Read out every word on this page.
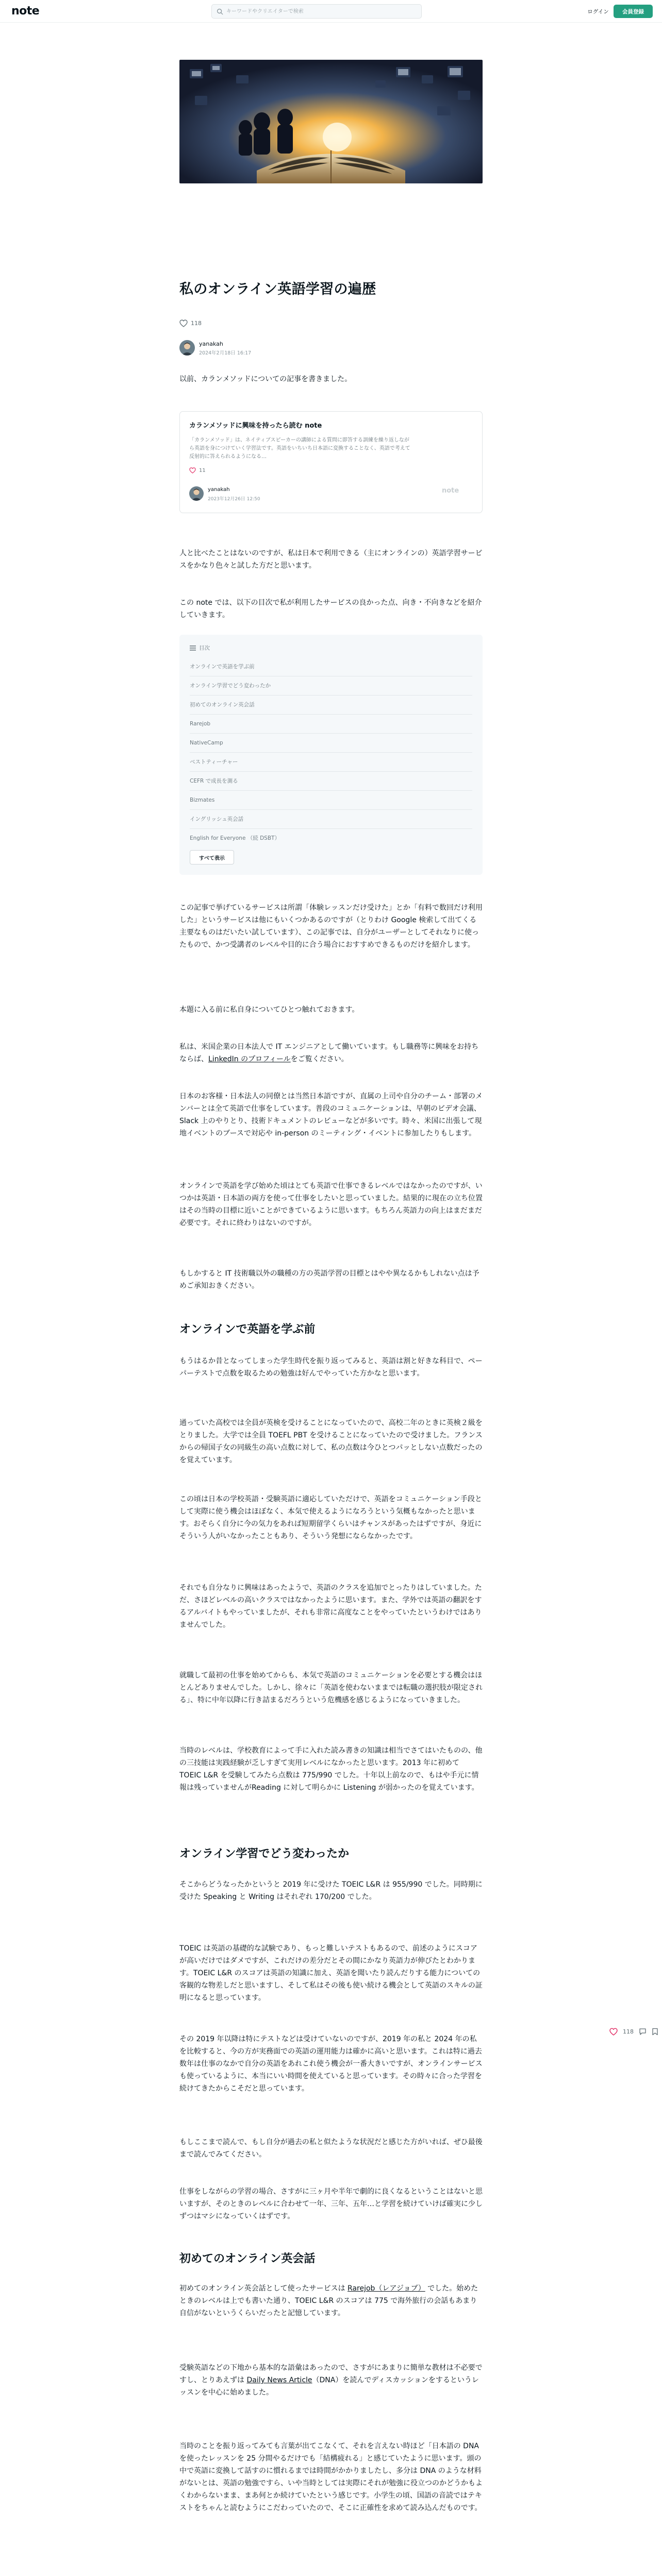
note
キーワードやクリエイターで検索	ログイン	会員登録
私のオンライン英語学習の遍歴
118
yanakah
2024年2月18日 16:17

以前、カランメソッドについての記事を書きました。

カランメソッドに興味を持ったら読む note
「カランメソッド」は、ネイティブスピーカーの講師による質問に即答する訓練を繰り返しながら英語を身につけていく学習法です。英語をいちいち日本語に変換することなく、英語で考えて反射的に答えられるようになる…
11
yanakah
2023年12月26日 12:50
note

人と比べたことはないのですが、私は日本で利用できる（主にオンラインの）英語学習サービスをかなり色々と試した方だと思います。

この note では、以下の目次で私が利用したサービスの良かった点、向き・不向きなどを紹介していきます。

目次
オンラインで英語を学ぶ前
オンライン学習でどう変わったか
初めてのオンライン英会話
Rarejob
NativeCamp
ベストティーチャー
CEFR で成長を測る
Bizmates
イングリッシュ英会話
English for Everyone （続 DSBT）
すべて表示

この記事で挙げているサービスは所謂「体験レッスンだけ受けた」とか「有料で数回だけ利用した」というサービスは他にもいくつかあるのですが（とりわけ Google 検索して出てくる主要なものはだいたい試しています）、この記事では、自分がユーザーとしてそれなりに使ったもので、かつ受講者のレベルや目的に合う場合におすすめできるものだけを紹介します。

本題に入る前に私自身についてひとつ触れておきます。

私は、米国企業の日本法人で IT エンジニアとして働いています。もし職務等に興味をお持ちならば、LinkedIn のプロフィールをご覧ください。

日本のお客様・日本法人の同僚とは当然日本語ですが、直属の上司や自分のチーム・部署のメンバーとは全て英語で仕事をしています。普段のコミュニケーションは、早朝のビデオ会議、Slack 上のやりとり、技術ドキュメントのレビューなどが多いです。時々、米国に出張して現地イベントのブースで対応や in-person のミーティング・イベントに参加したりもします。

オンラインで英語を学び始めた頃はとても英語で仕事できるレベルではなかったのですが、いつかは英語・日本語の両方を使って仕事をしたいと思っていました。結果的に現在の立ち位置はその当時の目標に近いことができているように思います。もちろん英語力の向上はまだまだ必要です。それに終わりはないのですが。

もしかすると IT 技術職以外の職種の方の英語学習の目標とはやや異なるかもしれない点は予めご承知おきください。

オンラインで英語を学ぶ前

もうはるか昔となってしまった学生時代を振り返ってみると、英語は割と好きな科目で、ペーパーテストで点数を取るための勉強は好んでやっていた方かなと思います。

通っていた高校では全員が英検を受けることになっていたので、高校二年のときに英検２級をとりました。大学では全員 TOEFL PBT を受けることになっていたので受けました。フランスからの帰国子女の同級生の高い点数に対して、私の点数は今ひとつパッとしない点数だったのを覚えています。

この頃は日本の学校英語・受験英語に適応していただけで、英語をコミュニケーション手段として実際に使う機会はほぼなく、本気で使えるようになろうという気概もなかったと思います。おそらく自分に今の気力をあれば短期留学くらいはチャンスがあったはずですが、身近にそういう人がいなかったこともあり、そういう発想にならなかったです。

それでも自分なりに興味はあったようで、英語のクラスを追加でとったりはしていました。ただ、さほどレベルの高いクラスではなかったように思います。また、学外では英語の翻訳をするアルバイトもやっていましたが、それも非常に高度なことをやっていたというわけではありませんでした。

就職して最初の仕事を始めてからも、本気で英語のコミュニケーションを必要とする機会はほとんどありませんでした。しかし、徐々に「英語を使わないままでは転職の選択肢が限定される」、特に中年以降に行き詰まるだろうという危機感を感じるようになっていきました。

当時のレベルは、学校教育によって手に入れた読み書きの知識は相当でさてはいたものの、他の三技能は実践経験が乏しすぎて実用レベルになかったと思います。2013 年に初めて TOEIC L&R を受験してみたら点数は 775/990 でした。十年以上前なので、もはや手元に情報は残っていませんがReading に対して明らかに Listening が弱かったのを覚えています。

オンライン学習でどう変わったか

そこからどうなったかというと 2019 年に受けた TOEIC L&R は 955/990 でした。同時期に受けた Speaking と Writing はそれぞれ 170/200 でした。

TOEIC は英語の基礎的な試験であり、もっと難しいテストもあるので、前述のようにスコアが高いだけではダメですが、これだけの差分だとその間にかなり英語力が伸びたとわかります。TOEIC L&R のスコアは英語の知識に加え、英語を聞いたり読んだりする能力についての客観的な物差しだと思いますし、そして私はその後も使い続ける機会として英語のスキルの証明になると思っています。

その 2019 年以降は特にテストなどは受けていないのですが、2019 年の私と 2024 年の私を比較すると、今の方が実務面での英語の運用能力は確かに高いと思います。これは特に過去数年は仕事のなかで自分の英語をあれこれ使う機会が一番大きいですが、オンラインサービスも使っているように、本当にいい時間を使えていると思っています。その時々に合った学習を続けてきたからこそだと思っています。

もしここまで読んで、もし自分が過去の私と似たような状況だと感じた方がいれば、ぜひ最後まで読んでみてください。

仕事をしながらの学習の場合、さすがに三ヶ月や半年で劇的に良くなるということはないと思いますが、そのときのレベルに合わせて一年、三年、五年…と学習を続けていけば確実に少しずつはマシになっていくはずです。

初めてのオンライン英会話

初めてのオンライン英会話として使ったサービスは Rarejob（レアジョブ） でした。始めたときのレベルは上でも書いた通り、TOEIC L&R のスコアは 775 で海外旅行の会話もあまり自信がないというくらいだったと記憶しています。

受験英語などの下地から基本的な語彙はあったので、さすがにあまりに簡単な教材は不必要ですし、とりあえずは Daily News Article（DNA）を読んでディスカッションをするというレッスンを中心に始めました。

当時のことを振り返ってみても言葉が出てこなくて、それを言えない時ほど「日本語の DNA を使ったレッスンを 25 分間やるだけでも「結構疲れる」と感じていたように思います。頭の中で英語に変換して話すのに慣れるまでは時間がかかりましたし、多分は DNA のような材料がないとは、英語の勉強ですら、いや当時としては実際にそれが勉強に役立つのかどうかもよくわからないまま、まあ何とか続けていたという感じです。小学生の頃、国語の音読ではテキストをちゃんと読むようにこだわっていたので、そこに正確性を求めて読み込んだものです。

118
